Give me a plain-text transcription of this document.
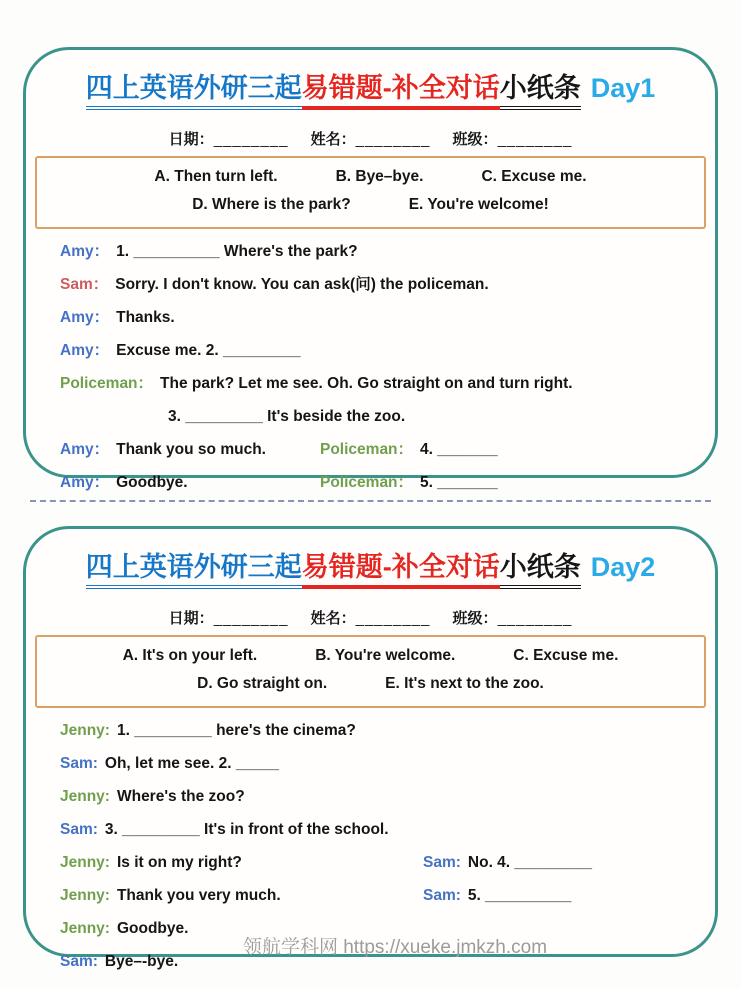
四上英语外研三起易错题-补全对话小纸条 Day1
日期：________ 姓名：________ 班级：________
A. Then turn left.	B. Bye–bye.	C. Excuse me.
D. Where is the park?	E. You're welcome!
Amy： 1. __________ Where's the park?
Sam： Sorry. I don't know. You can ask(问) the policeman.
Amy： Thanks.
Amy： Excuse me. 2. _________
Policeman： The park? Let me see. Oh. Go straight on and turn right.
3. _________ It's beside the zoo.
Amy： Thank you so much.	Policeman： 4. _______
Amy： Goodbye.	Policeman： 5. _______
四上英语外研三起易错题-补全对话小纸条 Day2
日期：________ 姓名：________ 班级：________
A. It's on your left.	B. You're welcome.	C. Excuse me.
D. Go straight on.	E. It's next to the zoo.
Jenny: 1. _________ here's the cinema?
Sam: Oh, let me see. 2. _____
Jenny: Where's the zoo?
Sam: 3. _________ It's in front of the school.
Jenny: Is it on my right?	Sam: No. 4. _________
Jenny: Thank you very much.	Sam: 5. __________
Jenny: Goodbye.
Sam: Bye–-bye.
领航学科网 https://xueke.jmkzh.com
